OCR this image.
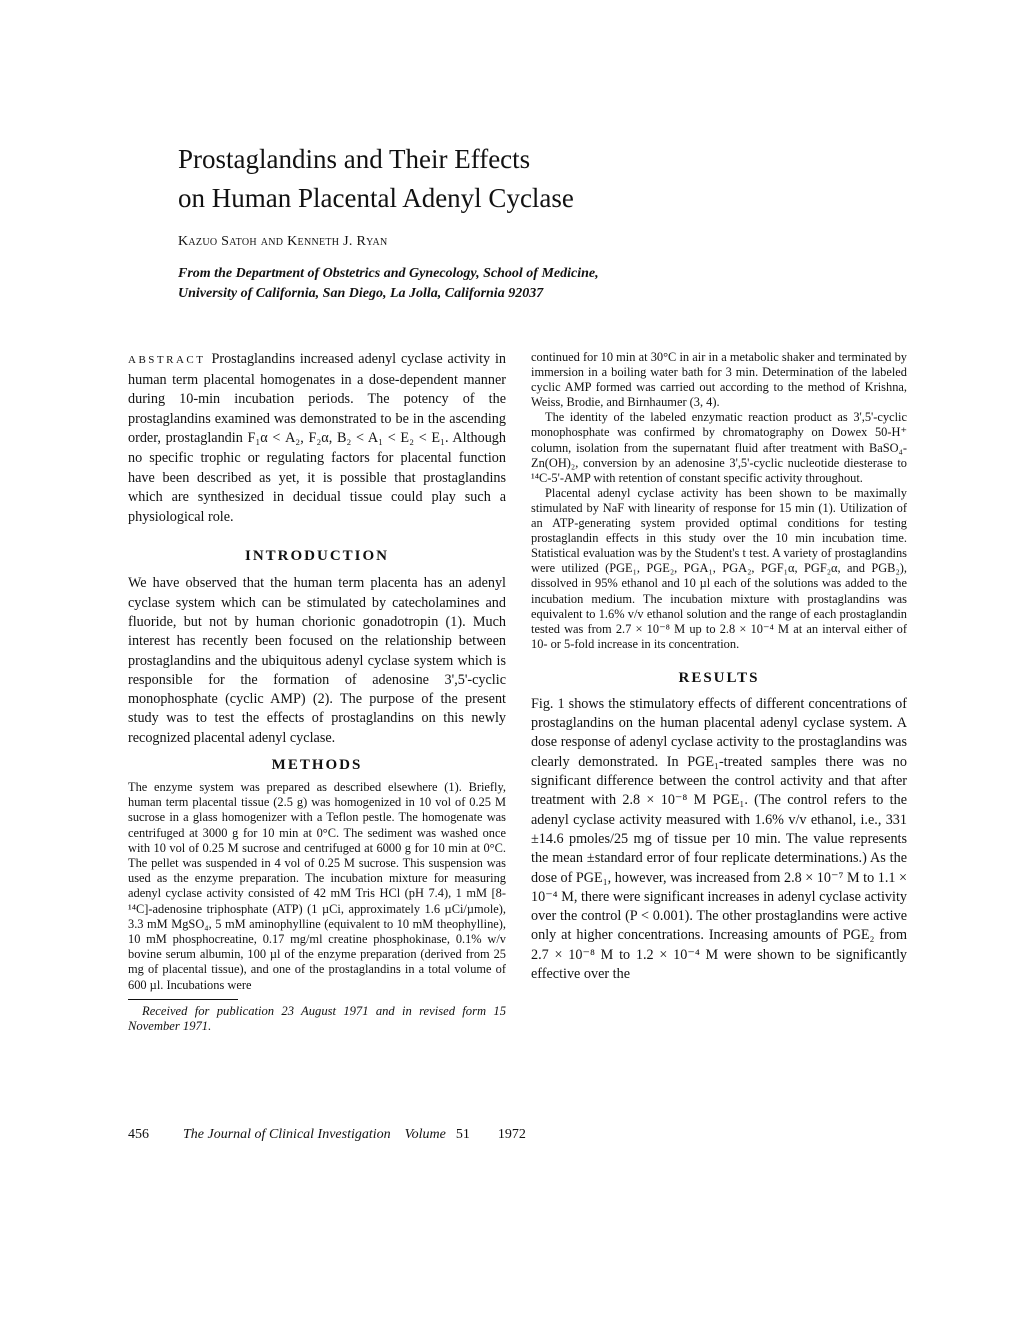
Prostaglandins and Their Effects
on Human Placental Adenyl Cyclase
Kazuo Satoh and Kenneth J. Ryan
From the Department of Obstetrics and Gynecology, School of Medicine,
University of California, San Diego, La Jolla, California 92037

ABSTRACT Prostaglandins increased adenyl cyclase activity in human term placental homogenates in a dose-dependent manner during 10-min incubation periods. The potency of the prostaglandins examined was demonstrated to be in the ascending order, prostaglandin F₁α < A₂, F₂α, B₂ < A₁ < E₂ < E₁. Although no specific trophic or regulating factors for placental function have been described as yet, it is possible that prostaglandins which are synthesized in decidual tissue could play such a physiological role.

INTRODUCTION

We have observed that the human term placenta has an adenyl cyclase system which can be stimulated by catecholamines and fluoride, but not by human chorionic gonadotropin (1). Much interest has recently been focused on the relationship between prostaglandins and the ubiquitous adenyl cyclase system which is responsible for the formation of adenosine 3',5'-cyclic monophosphate (cyclic AMP) (2). The purpose of the present study was to test the effects of prostaglandins on this newly recognized placental adenyl cyclase.

METHODS

The enzyme system was prepared as described elsewhere (1). Briefly, human term placental tissue (2.5 g) was homogenized in 10 vol of 0.25 M sucrose in a glass homogenizer with a Teflon pestle. The homogenate was centrifuged at 3000 g for 10 min at 0°C. The sediment was washed once with 10 vol of 0.25 M sucrose and centrifuged at 6000 g for 10 min at 0°C. The pellet was suspended in 4 vol of 0.25 M sucrose. This suspension was used as the enzyme preparation. The incubation mixture for measuring adenyl cyclase activity consisted of 42 mM Tris HCl (pH 7.4), 1 mM [8-¹⁴C]-adenosine triphosphate (ATP) (1 µCi, approximately 1.6 µCi/µmole), 3.3 mM MgSO₄, 5 mM aminophylline (equivalent to 10 mM theophylline), 10 mM phosphocreatine, 0.17 mg/ml creatine phosphokinase, 0.1% w/v bovine serum albumin, 100 µl of the enzyme preparation (derived from 25 mg of placental tissue), and one of the prostaglandins in a total volume of 600 µl. Incubations were

Received for publication 23 August 1971 and in revised form 15 November 1971.

continued for 10 min at 30°C in air in a metabolic shaker and terminated by immersion in a boiling water bath for 3 min. Determination of the labeled cyclic AMP formed was carried out according to the method of Krishna, Weiss, Brodie, and Birnhaumer (3, 4).

The identity of the labeled enzymatic reaction product as 3',5'-cyclic monophosphate was confirmed by chromatography on Dowex 50-H⁺ column, isolation from the supernatant fluid after treatment with BaSO₄-Zn(OH)₂, conversion by an adenosine 3',5'-cyclic nucleotide diesterase to ¹⁴C-5'-AMP with retention of constant specific activity throughout.

Placental adenyl cyclase activity has been shown to be maximally stimulated by NaF with linearity of response for 15 min (1). Utilization of an ATP-generating system provided optimal conditions for testing prostaglandin effects in this study over the 10 min incubation time. Statistical evaluation was by the Student's t test. A variety of prostaglandins were utilized (PGE₁, PGE₂, PGA₁, PGA₂, PGF₁α, PGF₂α, and PGB₂), dissolved in 95% ethanol and 10 µl each of the solutions was added to the incubation medium. The incubation mixture with prostaglandins was equivalent to 1.6% v/v ethanol solution and the range of each prostaglandin tested was from 2.7 × 10⁻⁸ M up to 2.8 × 10⁻⁴ M at an interval either of 10- or 5-fold increase in its concentration.

RESULTS

Fig. 1 shows the stimulatory effects of different concentrations of prostaglandins on the human placental adenyl cyclase system. A dose response of adenyl cyclase activity to the prostaglandins was clearly demonstrated. In PGE₁-treated samples there was no significant difference between the control activity and that after treatment with 2.8 × 10⁻⁸ M PGE₁. (The control refers to the adenyl cyclase activity measured with 1.6% v/v ethanol, i.e., 331 ±14.6 pmoles/25 mg of tissue per 10 min. The value represents the mean ±standard error of four replicate determinations.) As the dose of PGE₁, however, was increased from 2.8 × 10⁻⁷ M to 1.1 × 10⁻⁴ M, there were significant increases in adenyl cyclase activity over the control (P < 0.001). The other prostaglandins were active only at higher concentrations. Increasing amounts of PGE₂ from 2.7 × 10⁻⁸ M to 1.2 × 10⁻⁴ M were shown to be significantly effective over the

456 The Journal of Clinical Investigation Volume 51 1972
